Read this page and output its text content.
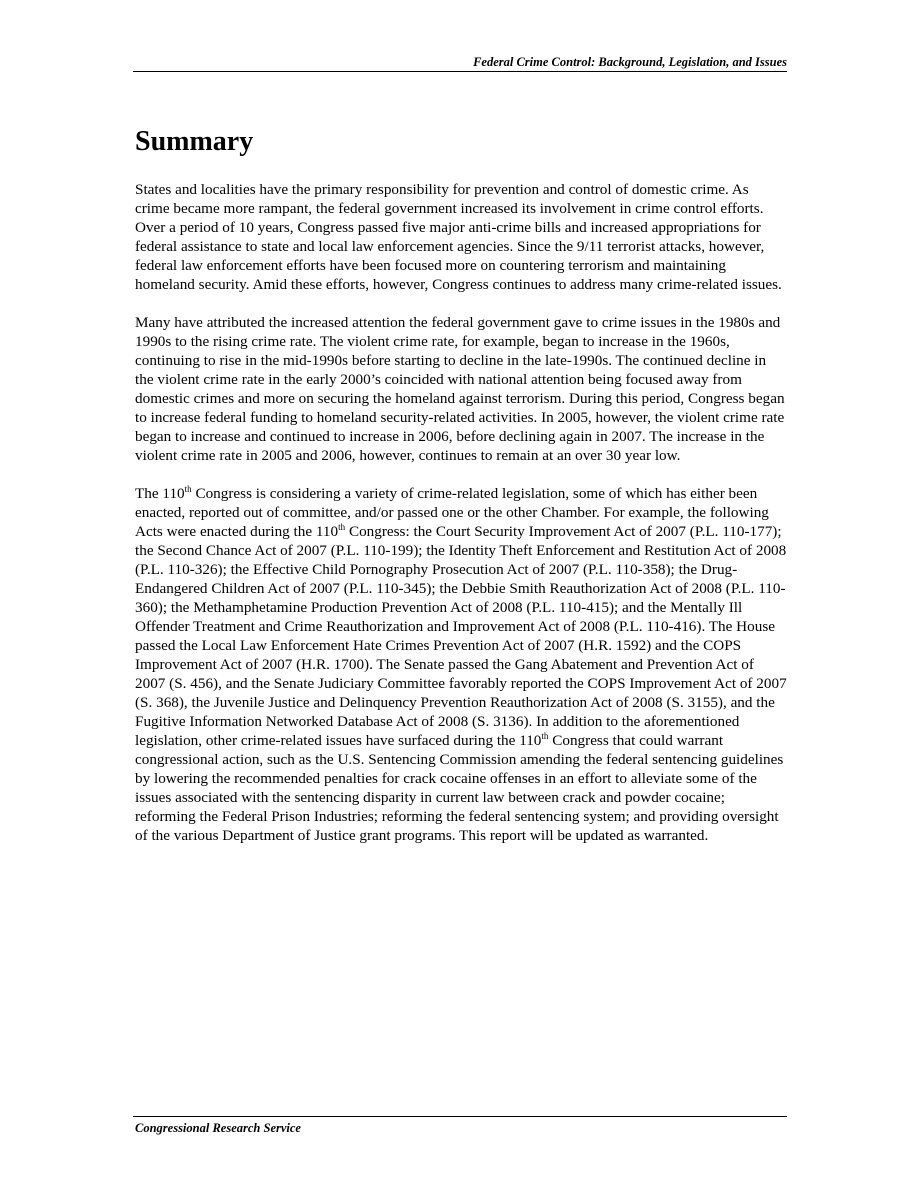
Federal Crime Control: Background, Legislation, and Issues
Summary

States and localities have the primary responsibility for prevention and control of domestic crime. As crime became more rampant, the federal government increased its involvement in crime control efforts. Over a period of 10 years, Congress passed five major anti-crime bills and increased appropriations for federal assistance to state and local law enforcement agencies. Since the 9/11 terrorist attacks, however, federal law enforcement efforts have been focused more on countering terrorism and maintaining homeland security. Amid these efforts, however, Congress continues to address many crime-related issues.

Many have attributed the increased attention the federal government gave to crime issues in the 1980s and 1990s to the rising crime rate. The violent crime rate, for example, began to increase in the 1960s, continuing to rise in the mid-1990s before starting to decline in the late-1990s. The continued decline in the violent crime rate in the early 2000’s coincided with national attention being focused away from domestic crimes and more on securing the homeland against terrorism. During this period, Congress began to increase federal funding to homeland security-related activities. In 2005, however, the violent crime rate began to increase and continued to increase in 2006, before declining again in 2007. The increase in the violent crime rate in 2005 and 2006, however, continues to remain at an over 30 year low.

The 110th Congress is considering a variety of crime-related legislation, some of which has either been enacted, reported out of committee, and/or passed one or the other Chamber. For example, the following Acts were enacted during the 110th Congress: the Court Security Improvement Act of 2007 (P.L. 110-177); the Second Chance Act of 2007 (P.L. 110-199); the Identity Theft Enforcement and Restitution Act of 2008 (P.L. 110-326); the Effective Child Pornography Prosecution Act of 2007 (P.L. 110-358); the Drug-Endangered Children Act of 2007 (P.L. 110-345); the Debbie Smith Reauthorization Act of 2008 (P.L. 110-360); the Methamphetamine Production Prevention Act of 2008 (P.L. 110-415); and the Mentally Ill Offender Treatment and Crime Reauthorization and Improvement Act of 2008 (P.L. 110-416). The House passed the Local Law Enforcement Hate Crimes Prevention Act of 2007 (H.R. 1592) and the COPS Improvement Act of 2007 (H.R. 1700). The Senate passed the Gang Abatement and Prevention Act of 2007 (S. 456), and the Senate Judiciary Committee favorably reported the COPS Improvement Act of 2007 (S. 368), the Juvenile Justice and Delinquency Prevention Reauthorization Act of 2008 (S. 3155), and the Fugitive Information Networked Database Act of 2008 (S. 3136). In addition to the aforementioned legislation, other crime-related issues have surfaced during the 110th Congress that could warrant congressional action, such as the U.S. Sentencing Commission amending the federal sentencing guidelines by lowering the recommended penalties for crack cocaine offenses in an effort to alleviate some of the issues associated with the sentencing disparity in current law between crack and powder cocaine; reforming the Federal Prison Industries; reforming the federal sentencing system; and providing oversight of the various Department of Justice grant programs. This report will be updated as warranted.

Congressional Research Service
